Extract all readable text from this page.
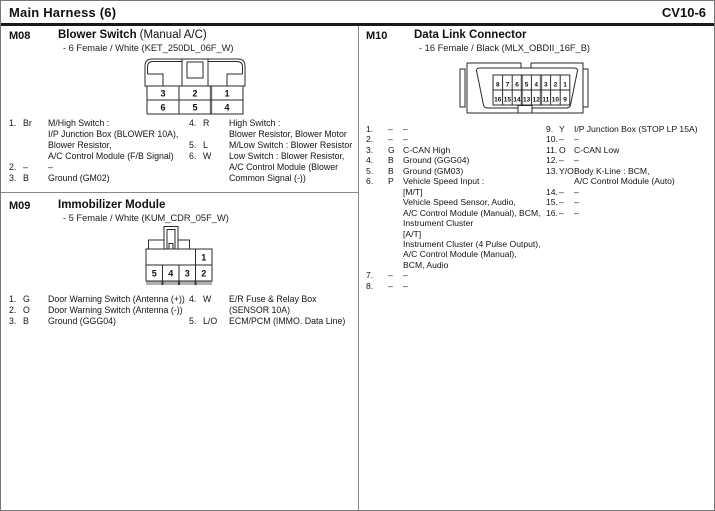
Main Harness (6)	CV10-6
M08 Blower Switch (Manual A/C)
- 6 Female / White (KET_250DL_06F_W)
3	2	1
6	5	4
1. Br M/High Switch :
I/P Junction Box (BLOWER 10A),
Blower Resistor,
A/C Control Module (F/B Signal)
2. – –
3. B Ground (GM02)
4. R High Switch :
Blower Resistor, Blower Motor
5. L M/Low Switch : Blower Resistor
6. W Low Switch : Blower Resistor,
A/C Control Module (Blower
Common Signal (-))
M09 Immobilizer Module
- 5 Female / White (KUM_CDR_05F_W)
1
5 4 3 2
1. G Door Warning Switch (Antenna (+))
2. O Door Warning Switch (Antenna (-))
3. B Ground (GGG04)
4. W E/R Fuse & Relay Box
(SENSOR 10A)
5. L/O ECM/PCM (IMMO. Data Line)
M10 Data Link Connector
- 16 Female / Black (MLX_OBDII_16F_B)
8 7 6 5 4 3 2 1
16 15 14 13 12 11 10 9
1. – –
2. – –
3. G C-CAN High
4. B Ground (GGG04)
5. B Ground (GM03)
6. P Vehicle Speed Input :
[M/T]
Vehicle Speed Sensor, Audio,
A/C Control Module (Manual), BCM,
Instrument Cluster
[A/T]
Instrument Cluster (4 Pulse Output),
A/C Control Module (Manual),
BCM, Audio
7. – –
8. – –
9. Y I/P Junction Box (STOP LP 15A)
10. – –
11. O C-CAN Low
12. – –
13. Y/O Body K-Line : BCM,
A/C Control Module (Auto)
14. – –
15. – –
16. – –
